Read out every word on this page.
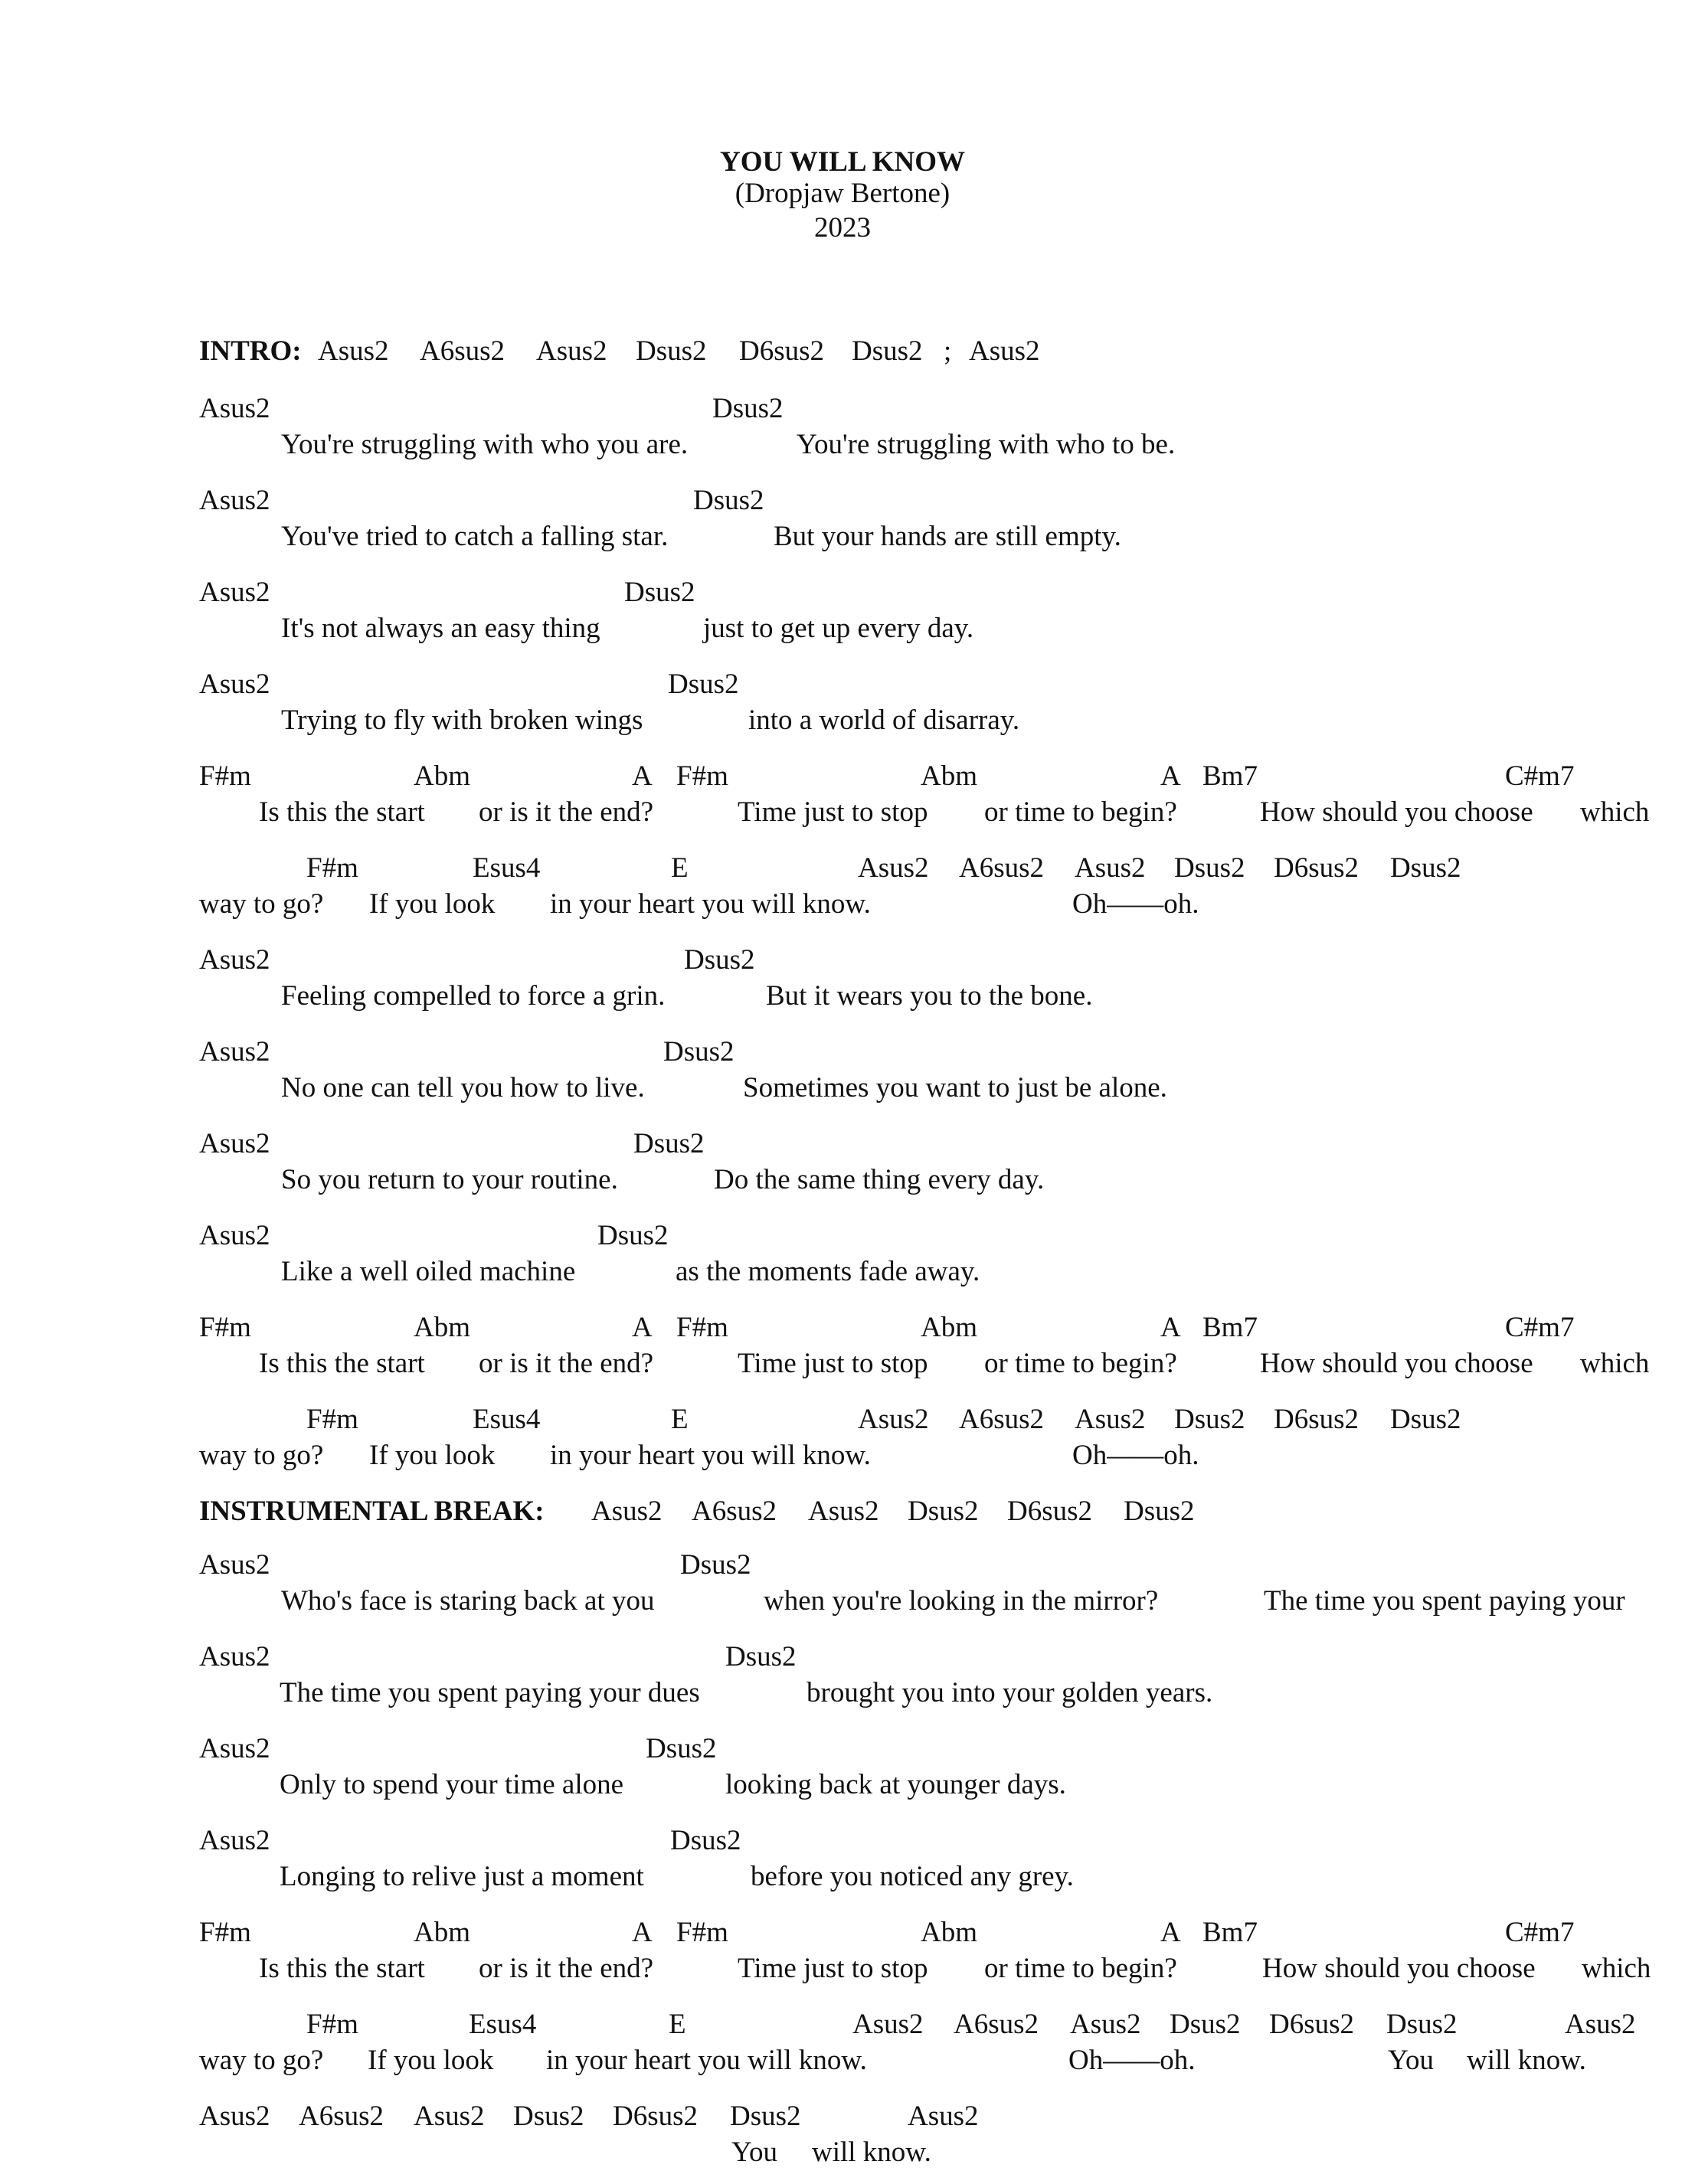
YOU WILL KNOW
(Dropjaw Bertone)
2023
INTRO: Asus2 A6sus2 Asus2 Dsus2 D6sus2 Dsus2 ; Asus2
Asus2	Dsus2
You're struggling with who you are.	You're struggling with who to be.
Asus2	Dsus2
You've tried to catch a falling star.	But your hands are still empty.
Asus2	Dsus2
It's not always an easy thing	just to get up every day.
Asus2	Dsus2
Trying to fly with broken wings	into a world of disarray.
F#m	Abm	A F#m	Abm	A Bm7	C#m7
Is this the start or is it the end?	Time just to stop or time to begin?	How should you choose which
F#m	Esus4	E	Asus2 A6sus2 Asus2 Dsus2 D6sus2 Dsus2
way to go? If you look in your heart you will know.	Oh——oh.
Asus2	Dsus2
Feeling compelled to force a grin.	But it wears you to the bone.
Asus2	Dsus2
No one can tell you how to live.	Sometimes you want to just be alone.
Asus2	Dsus2
So you return to your routine.	Do the same thing every day.
Asus2	Dsus2
Like a well oiled machine	as the moments fade away.
F#m	Abm	A F#m	Abm	A Bm7	C#m7
Is this the start or is it the end?	Time just to stop or time to begin?	How should you choose which
F#m	Esus4	E	Asus2 A6sus2 Asus2 Dsus2 D6sus2 Dsus2
way to go? If you look in your heart you will know.	Oh——oh.
INSTRUMENTAL BREAK: Asus2 A6sus2 Asus2 Dsus2 D6sus2 Dsus2
Asus2	Dsus2
Who's face is staring back at you	when you're looking in the mirror?	The time you spent paying your
Asus2	Dsus2
The time you spent paying your dues	brought you into your golden years.
Asus2	Dsus2
Only to spend your time alone	looking back at younger days.
Asus2	Dsus2
Longing to relive just a moment	before you noticed any grey.
F#m	Abm	A F#m	Abm	A Bm7	C#m7
Is this the start or is it the end?	Time just to stop or time to begin?	How should you choose which
F#m	Esus4	E	Asus2 A6sus2 Asus2 Dsus2 D6sus2 Dsus2	Asus2
way to go? If you look in your heart you will know.	Oh——oh.	You will know.
Asus2 A6sus2 Asus2 Dsus2 D6sus2 Dsus2	Asus2
You will know.
